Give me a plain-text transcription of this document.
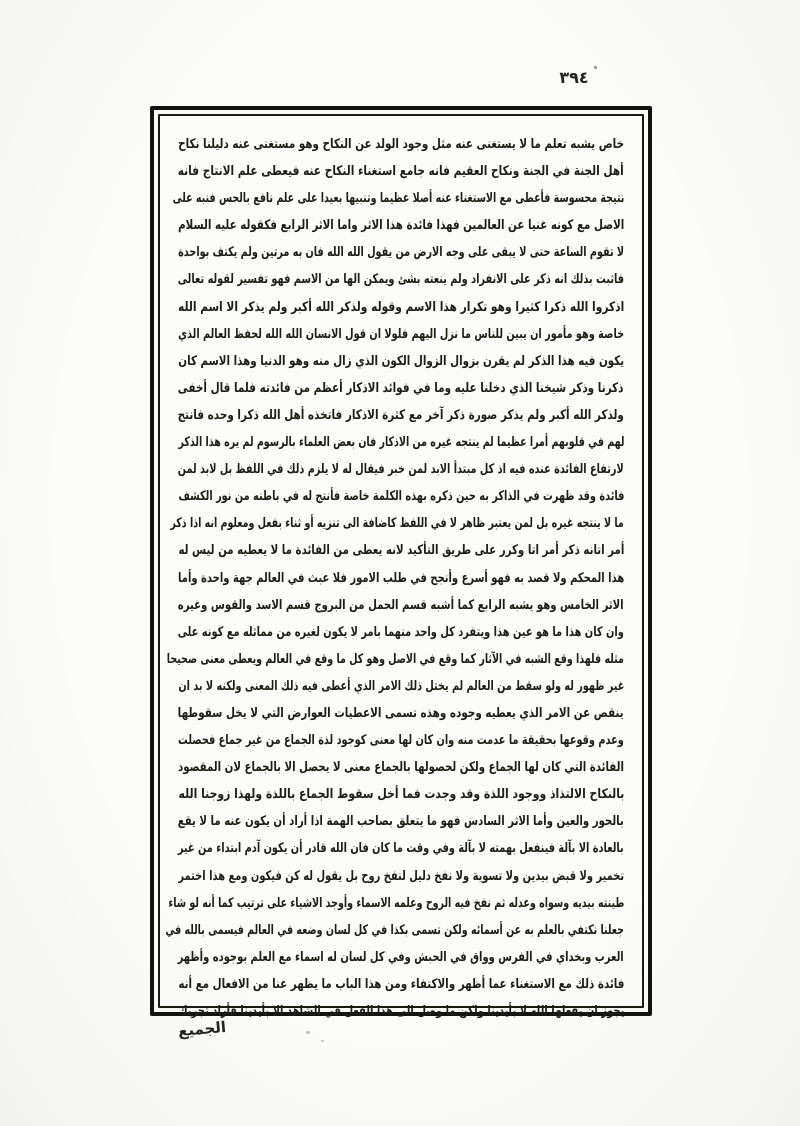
٣٩٤
خاص يشبه تعلم ما لا يستغنى عنه مثل وجود الولد عن النكاح وهو مستغنى عنه دليلنا نكاح
أهل الجنة في الجنة ونكاح العقيم فانه جامع استغناء النكاح عنه فيعطى علم الانتاج فانه
نتيجة محسوسة فأعطى مع الاستغناء عنه أصلا عظيما وتنبيها بعيدا على علم نافع بالحس فنبه على
الاصل مع كونه غنيا عن العالمين فهذا فائدة هذا الاثر واما الاثر الرابع فكقوله عليه السلام
لا تقوم الساعة حتى لا يبقى على وجه الارض من يقول الله الله فان به مرتين ولم يكتف بواحدة
فاثبت بذلك انه ذكر على الانفراد ولم ينعته بشئ ويمكن الها من الاسم فهو تفسير لقوله تعالى
اذكروا الله ذكرا كثيرا وهو تكرار هذا الاسم وقوله ولذكر الله أكبر ولم يذكر الا اسم الله
خاصة وهو مأمور ان يبين للناس ما نزل اليهم فلولا ان قول الانسان الله الله لحفظ العالم الذي
يكون فيه هذا الذكر لم يقرن بزوال الزوال الكون الذي زال منه وهو الدنيا وهذا الاسم كان
ذكرنا وذكر شيخنا الذي دخلنا عليه وما في فوائد الاذكار أعظم من فائدته فلما قال أخفى
ولذكر الله أكبر ولم يذكر صورة ذكر آخر مع كثرة الاذكار فاتخذه أهل الله ذكرا وحده فانتج
لهم في قلوبهم أمرا عظيما لم ينتجه غيره من الاذكار فان بعض العلماء بالرسوم لم يره هذا الذكر
لارتفاع الفائدة عنده فيه اذ كل مبتدأ الابد لمن خبر فيقال له لا يلزم ذلك في اللفظ بل لابد لمن
فائدة وقد ظهرت في الذاكر به حين ذكره بهذه الكلمة خاصة فأنتج له في باطنه من نور الكشف
ما لا ينتجه غيره بل لمن يعتبر ظاهر لا في اللفظ كاضافة الى تنزيه أو ثناء بفعل ومعلوم انه اذا ذكر
أمر اتانه ذكر أمر اتا وكرر على طريق التأكيد لانه يعطى من الفائدة ما لا يعطيه من ليس له
هذا المحكم ولا قصد به فهو أسرع وأنجح في طلب الامور فلا عبث في العالم جهة واحدة وأما
الاثر الخامس وهو يشبه الرابع كما أشبه قسم الحمل من البروج قسم الاسد والقوس وغيره
وان كان هذا ما هو عين هذا ويتفرد كل واحد منهما بامر لا يكون لغيره من مماثله مع كونه على
مثله فلهذا وقع الشبه في الآثار كما وقع في الاصل وهو كل ما وقع في العالم ويعطى معنى صحيحا
غير ظهور له ولو سقط من العالم لم يختل ذلك الامر الذي أعطى فيه ذلك المعنى ولكنه لا بد ان
ينقص عن الامر الذي يعطيه وجوده وهذه تسمى الاعطيات العوارض التي لا يخل سقوطها
وعدم وقوعها بحقيقة ما عدمت منه وان كان لها معنى كوجود لذة الجماع من غير جماع فحصلت
الفائدة التي كان لها الجماع ولكن لحصولها بالجماع معنى لا يحصل الا بالجماع لان المقصود
بالنكاح الالتذاذ ووجود اللذة وقد وجدت فما أخل سقوط الجماع باللذة ولهذا زوجنا الله
بالحور والعين وأما الاثر السادس فهو ما يتعلق بصاحب الهمة اذا أراد أن يكون عنه ما لا يقع
بالعادة الا بآلة فينفعل بهمته لا بآلة وفي وقت ما كان فان الله قادر أن يكون آدم ابتداء من غير
تخمير ولا قبض بيدين ولا تسوية ولا نفخ دليل لنفخ روح بل يقول له كن فيكون ومع هذا اختمر
طينته بيديه وسواه وعدله ثم نفخ فيه الروح وعلمه الاسماء وأوجد الاشياء على ترتيب كما أنه لو شاء
جعلنا نكتفي بالعلم به عن أسمائه ولكن تسمى بكذا في كل لسان وضعه في العالم فيسمى بالله في
العرب وبخداي في الفرس وواق في الحبش وفي كل لسان له اسماء مع العلم بوجوده وأظهر
فائدة ذلك مع الاستغناء عما أظهر والاكتفاء ومن هذا الباب ما يظهر عنا من الافعال مع أنه
يجوز ان يفعلها الله لا بأيدينا ولكن ما وصل الى هذا الفعل في الشاهد الا بأيدينا فأراد تجربك
الجميع
